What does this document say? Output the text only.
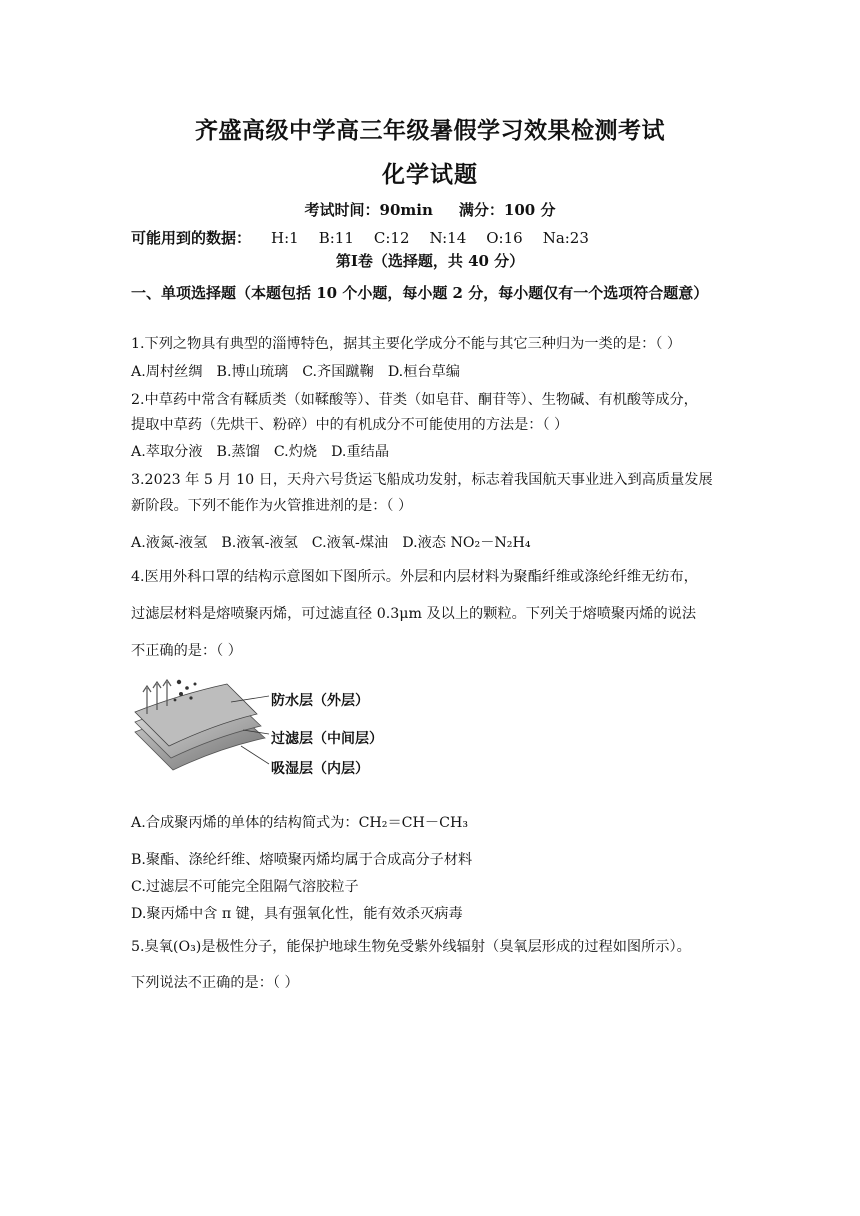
齐盛高级中学高三年级暑假学习效果检测考试
化学试题
考试时间：90min 满分：100 分
可能用到的数据： H:1 B:11 C:12 N:14 O:16 Na:23
第Ⅰ卷（选择题，共 40 分）
一、单项选择题（本题包括 10 个小题，每小题 2 分，每小题仅有一个选项符合题意）
1.下列之物具有典型的淄博特色，据其主要化学成分不能与其它三种归为一类的是：（ ）
A.周村丝绸 B.博山琉璃 C.齐国蹴鞠 D.桓台草编
2.中草药中常含有鞣质类（如鞣酸等）、苷类（如皂苷、酮苷等）、生物碱、有机酸等成分，
提取中草药（先烘干、粉碎）中的有机成分不可能使用的方法是：（ ）
A.萃取分液 B.蒸馏 C.灼烧 D.重结晶
3.2023 年 5 月 10 日，天舟六号货运飞船成功发射，标志着我国航天事业进入到高质量发展
新阶段。下列不能作为火管推进剂的是：（ ）
A.液氮-液氢 B.液氧-液氢 C.液氧-煤油 D.液态 NO₂－N₂H₄
4.医用外科口罩的结构示意图如下图所示。外层和内层材料为聚酯纤维或涤纶纤维无纺布，
过滤层材料是熔喷聚丙烯，可过滤直径 0.3μm 及以上的颗粒。下列关于熔喷聚丙烯的说法
不正确的是：（ ）
防水层（外层）
过滤层（中间层）
吸湿层（内层）
A.合成聚丙烯的单体的结构简式为：CH₂＝CH－CH₃
B.聚酯、涤纶纤维、熔喷聚丙烯均属于合成高分子材料
C.过滤层不可能完全阻隔气溶胶粒子
D.聚丙烯中含 π 键，具有强氧化性，能有效杀灭病毒
5.臭氧(O₃)是极性分子，能保护地球生物免受紫外线辐射（臭氧层形成的过程如图所示）。
下列说法不正确的是：（ ）
